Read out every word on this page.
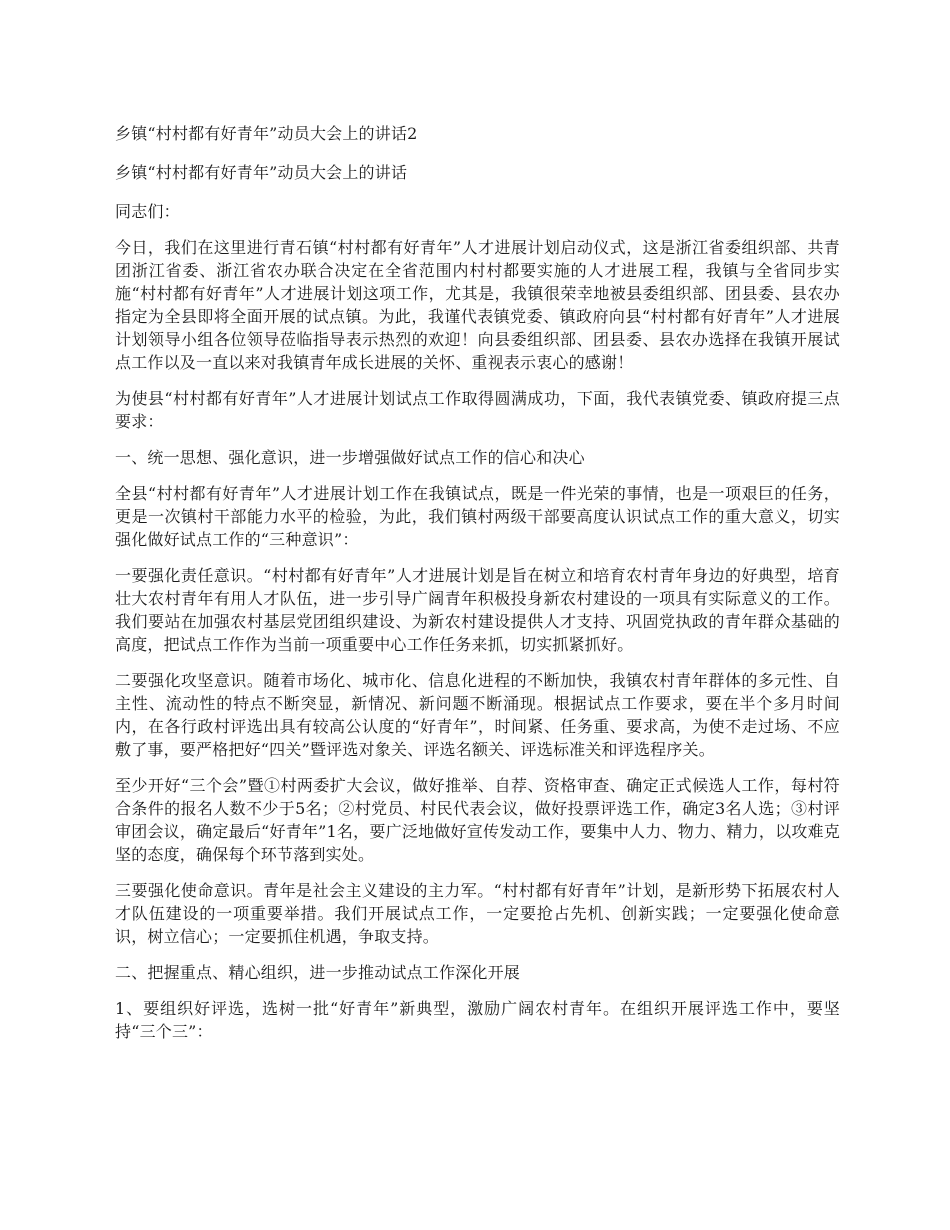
乡镇“村村都有好青年”动员大会上的讲话2

乡镇“村村都有好青年”动员大会上的讲话

同志们：

今日，我们在这里进行青石镇“村村都有好青年”人才进展计划启动仪式，这是浙江省委组织部、共青团浙江省委、浙江省农办联合决定在全省范围内村村都要实施的人才进展工程，我镇与全省同步实施“村村都有好青年”人才进展计划这项工作，尤其是，我镇很荣幸地被县委组织部、团县委、县农办指定为全县即将全面开展的试点镇。为此，我谨代表镇党委、镇政府向县“村村都有好青年”人才进展计划领导小组各位领导莅临指导表示热烈的欢迎！向县委组织部、团县委、县农办选择在我镇开展试点工作以及一直以来对我镇青年成长进展的关怀、重视表示衷心的感谢！

为使县“村村都有好青年”人才进展计划试点工作取得圆满成功，下面，我代表镇党委、镇政府提三点要求：

一、统一思想、强化意识，进一步增强做好试点工作的信心和决心

全县“村村都有好青年”人才进展计划工作在我镇试点，既是一件光荣的事情，也是一项艰巨的任务，更是一次镇村干部能力水平的检验，为此，我们镇村两级干部要高度认识试点工作的重大意义，切实强化做好试点工作的“三种意识”：

一要强化责任意识。“村村都有好青年”人才进展计划是旨在树立和培育农村青年身边的好典型，培育壮大农村青年有用人才队伍，进一步引导广阔青年积极投身新农村建设的一项具有实际意义的工作。我们要站在加强农村基层党团组织建设、为新农村建设提供人才支持、巩固党执政的青年群众基础的高度，把试点工作作为当前一项重要中心工作任务来抓，切实抓紧抓好。

二要强化攻坚意识。随着市场化、城市化、信息化进程的不断加快，我镇农村青年群体的多元性、自主性、流动性的特点不断突显，新情况、新问题不断涌现。根据试点工作要求，要在半个多月时间内，在各行政村评选出具有较高公认度的“好青年”，时间紧、任务重、要求高，为使不走过场、不应敷了事，要严格把好“四关”暨评选对象关、评选名额关、评选标准关和评选程序关。

至少开好“三个会”暨①村两委扩大会议，做好推举、自荐、资格审查、确定正式候选人工作，每村符合条件的报名人数不少于5名；②村党员、村民代表会议，做好投票评选工作，确定3名人选；③村评审团会议，确定最后“好青年”1名，要广泛地做好宣传发动工作，要集中人力、物力、精力，以攻难克坚的态度，确保每个环节落到实处。

三要强化使命意识。青年是社会主义建设的主力军。“村村都有好青年”计划，是新形势下拓展农村人才队伍建设的一项重要举措。我们开展试点工作，一定要抢占先机、创新实践；一定要强化使命意识，树立信心；一定要抓住机遇，争取支持。

二、把握重点、精心组织，进一步推动试点工作深化开展

1、要组织好评选，选树一批“好青年”新典型，激励广阔农村青年。在组织开展评选工作中，要坚持“三个三”：
